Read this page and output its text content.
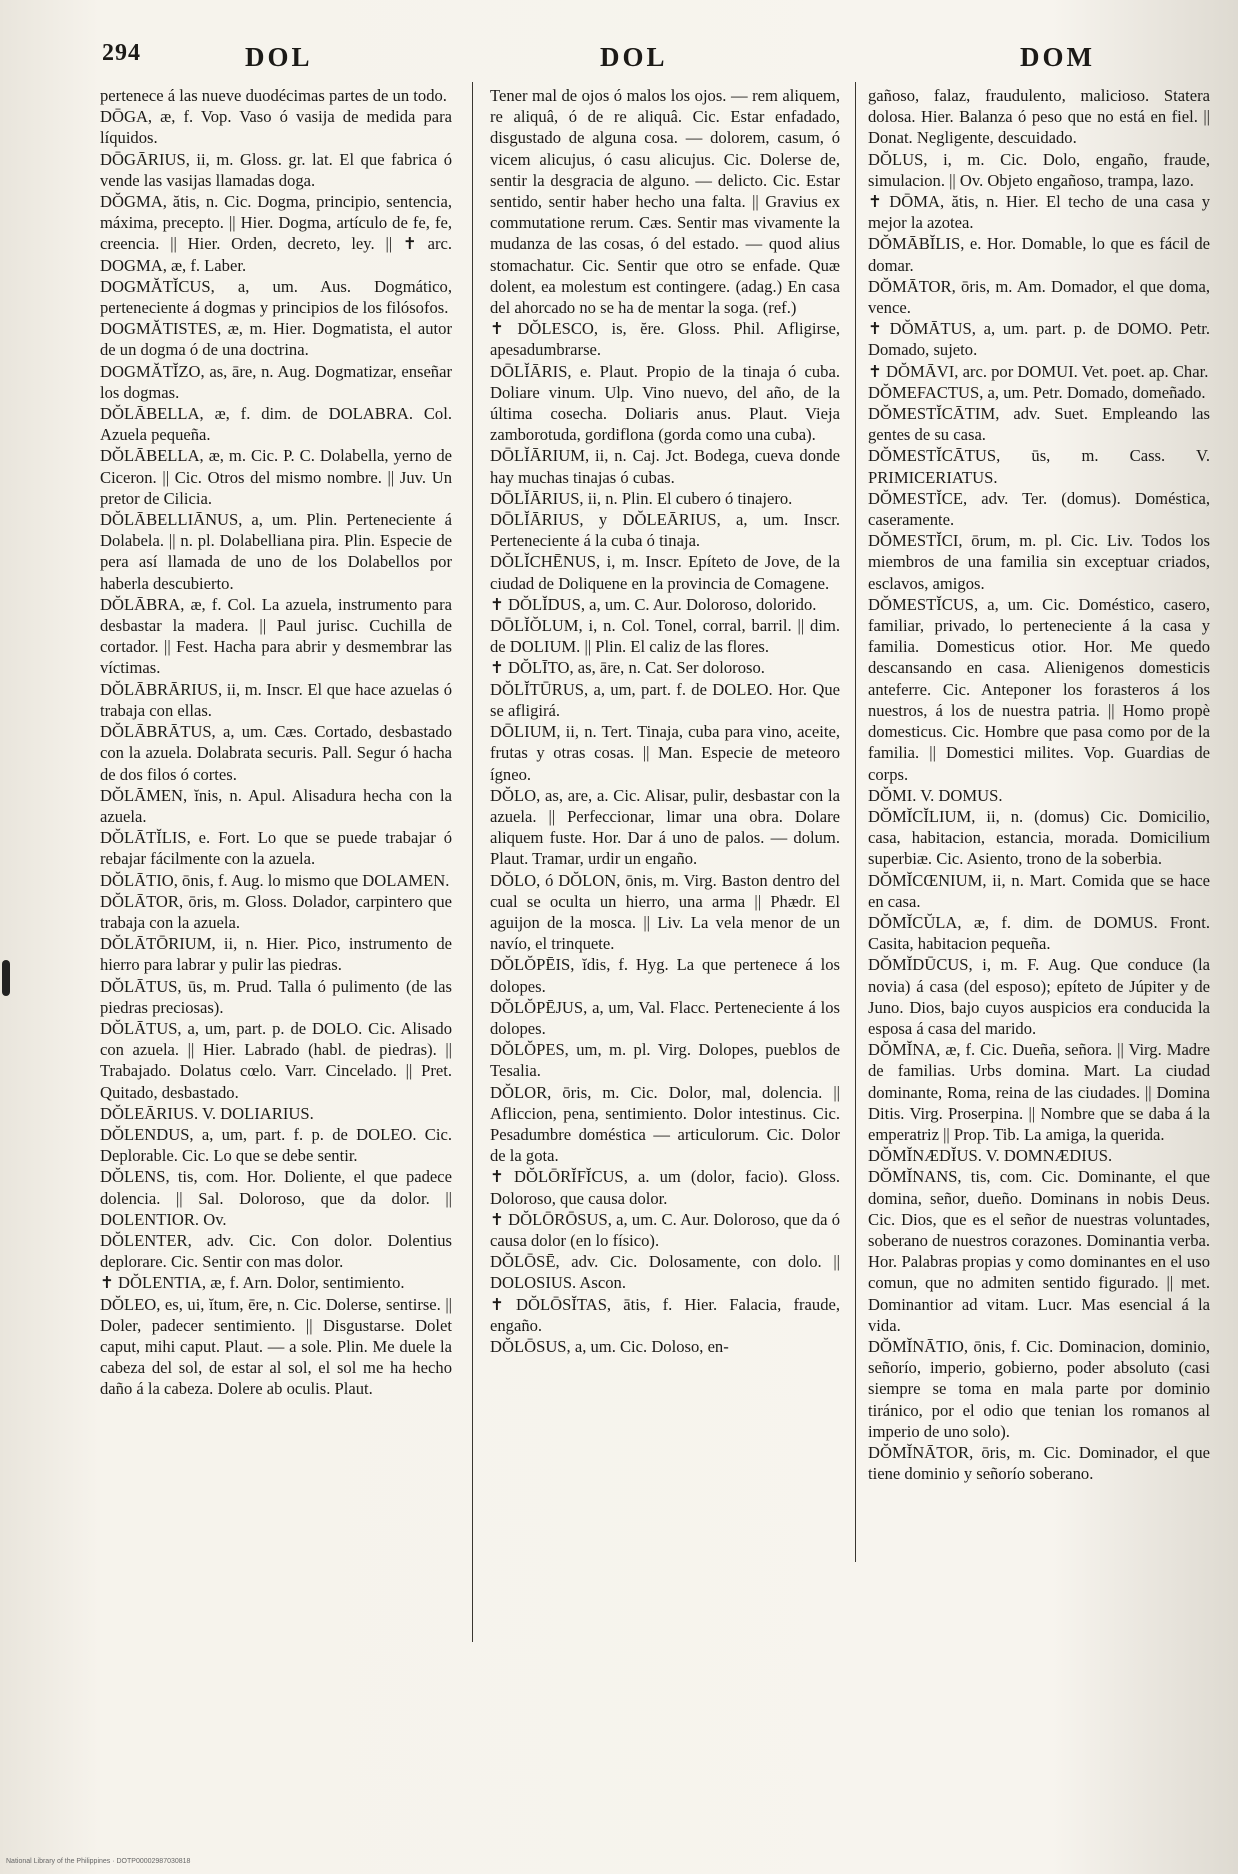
294	DOL	DOL	DOM

pertenece á las nueve duodécimas partes de un todo.

DŌGA, æ, f. Vop. Vaso ó vasija de medida para líquidos.

DŌGĀRIUS, ii, m. Gloss. gr. lat. El que fabrica ó vende las vasijas llamadas doga.

DŎGMA, ătis, n. Cic. Dogma, principio, sentencia, máxima, precepto. || Hier. Dogma, artículo de fe, fe, creencia. || Hier. Orden, decreto, ley. || ✝ arc. DOGMA, æ, f. Laber.

DOGMĂTĬCUS, a, um. Aus. Dogmático, perteneciente á dogmas y principios de los filósofos.

DOGMĂTISTES, æ, m. Hier. Dogmatista, el autor de un dogma ó de una doctrina.

DOGMĂTĬZO, as, āre, n. Aug. Dogmatizar, enseñar los dogmas.

DŎLĀBELLA, æ, f. dim. de DOLABRA. Col. Azuela pequeña.

DŎLĀBELLA, æ, m. Cic. P. C. Dolabella, yerno de Ciceron. || Cic. Otros del mismo nombre. || Juv. Un pretor de Cilicia.

DŎLĀBELLIĀNUS, a, um. Plin. Perteneciente á Dolabela. || n. pl. Dolabelliana pira. Plin. Especie de pera así llamada de uno de los Dolabellos por haberla descubierto.

DŎLĀBRA, æ, f. Col. La azuela, instrumento para desbastar la madera. || Paul jurisc. Cuchilla de cortador. || Fest. Hacha para abrir y desmembrar las víctimas.

DŎLĀBRĀRIUS, ii, m. Inscr. El que hace azuelas ó trabaja con ellas.

DŎLĀBRĀTUS, a, um. Cæs. Cortado, desbastado con la azuela. Dolabrata securis. Pall. Segur ó hacha de dos filos ó cortes.

DŎLĀMEN, ĭnis, n. Apul. Alisadura hecha con la azuela.

DŎLĀTĬLIS, e. Fort. Lo que se puede trabajar ó rebajar fácilmente con la azuela.

DŎLĀTIO, ōnis, f. Aug. lo mismo que DOLAMEN.

DŎLĀTOR, ōris, m. Gloss. Dolador, carpintero que trabaja con la azuela.

DŎLĀTŌRIUM, ii, n. Hier. Pico, instrumento de hierro para labrar y pulir las piedras.

DŎLĀTUS, ūs, m. Prud. Talla ó pulimento (de las piedras preciosas).

DŎLĀTUS, a, um, part. p. de DOLO. Cic. Alisado con azuela. || Hier. Labrado (habl. de piedras). || Trabajado. Dolatus cœlo. Varr. Cincelado. || Pret. Quitado, desbastado.

DŎLEĀRIUS. V. DOLIARIUS.

DŎLENDUS, a, um, part. f. p. de DOLEO. Cic. Deplorable. Cic. Lo que se debe sentir.

DŎLENS, tis, com. Hor. Doliente, el que padece dolencia. || Sal. Doloroso, que da dolor. || DOLENTIOR. Ov.

DŎLENTER, adv. Cic. Con dolor. Dolentius deplorare. Cic. Sentir con mas dolor.

✝ DŎLENTIA, æ, f. Arn. Dolor, sentimiento.

DŎLEO, es, ui, ĭtum, ēre, n. Cic. Dolerse, sentirse. || Doler, padecer sentimiento. || Disgustarse. Dolet caput, mihi caput. Plaut. — a sole. Plin. Me duele la cabeza del sol, de estar al sol, el sol me ha hecho daño á la cabeza. Dolere ab oculis. Plaut.

Tener mal de ojos ó malos los ojos. — rem aliquem, re aliquâ, ó de re aliquâ. Cic. Estar enfadado, disgustado de alguna cosa. — dolorem, casum, ó vicem alicujus, ó casu alicujus. Cic. Dolerse de, sentir la desgracia de alguno. — delicto. Cic. Estar sentido, sentir haber hecho una falta. || Gravius ex commutatione rerum. Cæs. Sentir mas vivamente la mudanza de las cosas, ó del estado. — quod alius stomachatur. Cic. Sentir que otro se enfade. Quæ dolent, ea molestum est contingere. (adag.) En casa del ahorcado no se ha de mentar la soga. (ref.)

✝ DŎLESCO, is, ĕre. Gloss. Phil. Afligirse, apesadumbrarse.

DŌLĬĀRIS, e. Plaut. Propio de la tinaja ó cuba. Doliare vinum. Ulp. Vino nuevo, del año, de la última cosecha. Doliaris anus. Plaut. Vieja zamborotuda, gordiflona (gorda como una cuba).

DŌLĬĀRIUM, ii, n. Caj. Jct. Bodega, cueva donde hay muchas tinajas ó cubas.

DŌLĬĀRIUS, ii, n. Plin. El cubero ó tinajero.

DŌLĬĀRIUS, y DŎLEĀRIUS, a, um. Inscr. Perteneciente á la cuba ó tinaja.

DŎLĬCHĒNUS, i, m. Inscr. Epíteto de Jove, de la ciudad de Doliquene en la provincia de Comagene.

✝ DŎLĬDUS, a, um. C. Aur. Doloroso, dolorido.

DŌLĬŎLUM, i, n. Col. Tonel, corral, barril. || dim. de DOLIUM. || Plin. El caliz de las flores.

✝ DŎLĪTO, as, āre, n. Cat. Ser doloroso.

DŎLĬTŪRUS, a, um, part. f. de DOLEO. Hor. Que se afligirá.

DŌLIUM, ii, n. Tert. Tinaja, cuba para vino, aceite, frutas y otras cosas. || Man. Especie de meteoro ígneo.

DŎLO, as, are, a. Cic. Alisar, pulir, desbastar con la azuela. || Perfeccionar, limar una obra. Dolare aliquem fuste. Hor. Dar á uno de palos. — dolum. Plaut. Tramar, urdir un engaño.

DŎLO, ó DŎLON, ōnis, m. Virg. Baston dentro del cual se oculta un hierro, una arma || Phædr. El aguijon de la mosca. || Liv. La vela menor de un navío, el trinquete.

DŎLŎPĒIS, ĭdis, f. Hyg. La que pertenece á los dolopes.

DŎLŎPĒJUS, a, um, Val. Flacc. Perteneciente á los dolopes.

DŎLŎPES, um, m. pl. Virg. Dolopes, pueblos de Tesalia.

DŎLOR, ōris, m. Cic. Dolor, mal, dolencia. || Afliccion, pena, sentimiento. Dolor intestinus. Cic. Pesadumbre doméstica — articulorum. Cic. Dolor de la gota.

✝ DŎLŌRĬFĬCUS, a. um (dolor, facio). Gloss. Doloroso, que causa dolor.

✝ DŎLŌRŌSUS, a, um. C. Aur. Doloroso, que da ó causa dolor (en lo físico).

DŎLŌSĒ, adv. Cic. Dolosamente, con dolo. || DOLOSIUS. Ascon.

✝ DŎLŌSĬTAS, ātis, f. Hier. Falacia, fraude, engaño.

DŎLŌSUS, a, um. Cic. Doloso, en-

gañoso, falaz, fraudulento, malicioso. Statera dolosa. Hier. Balanza ó peso que no está en fiel. || Donat. Negligente, descuidado.

DŎLUS, i, m. Cic. Dolo, engaño, fraude, simulacion. || Ov. Objeto engañoso, trampa, lazo.

✝ DŌMA, ătis, n. Hier. El techo de una casa y mejor la azotea.

DŎMĀBĬLIS, e. Hor. Domable, lo que es fácil de domar.

DŎMĀTOR, ōris, m. Am. Domador, el que doma, vence.

✝ DŎMĀTUS, a, um. part. p. de DOMO. Petr. Domado, sujeto.

✝ DŎMĀVI, arc. por DOMUI. Vet. poet. ap. Char.

DŎMEFACTUS, a, um. Petr. Domado, domeñado.

DŎMESTĬCĀTIM, adv. Suet. Empleando las gentes de su casa.

DŎMESTĬCĀTUS, ūs, m. Cass. V. PRIMICERIATUS.

DŎMESTĬCE, adv. Ter. (domus). Doméstica, caseramente.

DŎMESTĬCI, ōrum, m. pl. Cic. Liv. Todos los miembros de una familia sin exceptuar criados, esclavos, amigos.

DŎMESTĬCUS, a, um. Cic. Doméstico, casero, familiar, privado, lo perteneciente á la casa y familia. Domesticus otior. Hor. Me quedo descansando en casa. Alienigenos domesticis anteferre. Cic. Anteponer los forasteros á los nuestros, á los de nuestra patria. || Homo propè domesticus. Cic. Hombre que pasa como por de la familia. || Domestici milites. Vop. Guardias de corps.

DŎMI. V. DOMUS.

DŎMĬCĬLIUM, ii, n. (domus) Cic. Domicilio, casa, habitacion, estancia, morada. Domicilium superbiæ. Cic. Asiento, trono de la soberbia.

DŎMĬCŒNIUM, ii, n. Mart. Comida que se hace en casa.

DŎMĬCŬLA, æ, f. dim. de DOMUS. Front. Casita, habitacion pequeña.

DŎMĬDŪCUS, i, m. F. Aug. Que conduce (la novia) á casa (del esposo); epíteto de Júpiter y de Juno. Dios, bajo cuyos auspicios era conducida la esposa á casa del marido.

DŎMĬNA, æ, f. Cic. Dueña, señora. || Virg. Madre de familias. Urbs domina. Mart. La ciudad dominante, Roma, reina de las ciudades. || Domina Ditis. Virg. Proserpina. || Nombre que se daba á la emperatriz || Prop. Tib. La amiga, la querida.

DŎMĬNÆDĬUS. V. DOMNÆDIUS.

DŎMĬNANS, tis, com. Cic. Dominante, el que domina, señor, dueño. Dominans in nobis Deus. Cic. Dios, que es el señor de nuestras voluntades, soberano de nuestros corazones. Dominantia verba. Hor. Palabras propias y como dominantes en el uso comun, que no admiten sentido figurado. || met. Dominantior ad vitam. Lucr. Mas esencial á la vida.

DŎMĬNĀTIO, ōnis, f. Cic. Dominacion, dominio, señorío, imperio, gobierno, poder absoluto (casi siempre se toma en mala parte por dominio tiránico, por el odio que tenian los romanos al imperio de uno solo).

DŎMĬNĀTOR, ōris, m. Cic. Dominador, el que tiene dominio y señorío soberano.

National Library of the Philippines · DOTP00002987030818
